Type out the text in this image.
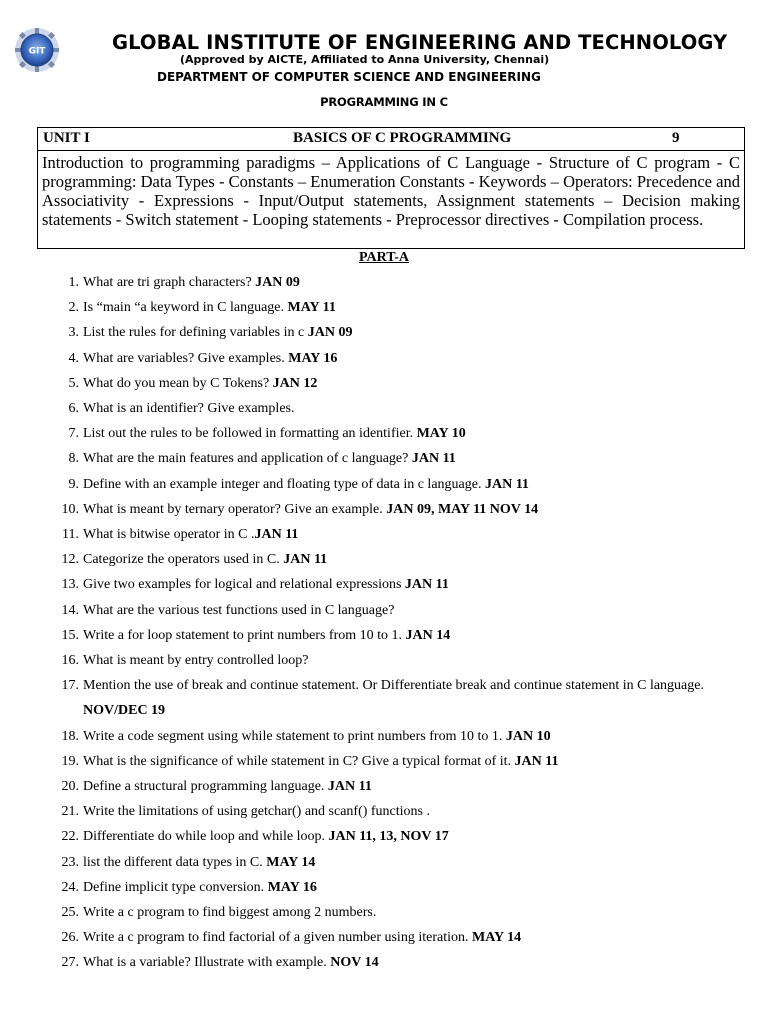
GIT	GLOBAL INSTITUTE OF ENGINEERING AND TECHNOLOGY
(Approved by AICTE, Affiliated to Anna University, Chennai)
DEPARTMENT OF COMPUTER SCIENCE AND ENGINEERING
PROGRAMMING IN C
UNIT I	BASICS OF C PROGRAMMING	9
Introduction to programming paradigms – Applications of C Language - Structure of C program - C programming: Data Types - Constants – Enumeration Constants - Keywords – Operators: Precedence and Associativity - Expressions - Input/Output statements, Assignment statements – Decision making statements - Switch statement - Looping statements - Preprocessor directives - Compilation process.
PART-A
1 . What are tri graph characters? JAN 09
2 . Is “main “a keyword in C language. MAY 11
3 . List the rules for defining variables in c JAN 09
4 . What are variables? Give examples. MAY 16
5 . What do you mean by C Tokens? JAN 12
6 . What is an identifier? Give examples.
7 . List out the rules to be followed in formatting an identifier. MAY 10
8 . What are the main features and application of c language? JAN 11
9 . Define with an example integer and floating type of data in c language. JAN 11
10 . What is meant by ternary operator? Give an example. JAN 09, MAY 11 NOV 14
11 . What is bitwise operator in C .JAN 11
12 . Categorize the operators used in C. JAN 11
13 . Give two examples for logical and relational expressions JAN 11
14 . What are the various test functions used in C language?
15 . Write a for loop statement to print numbers from 10 to 1. JAN 14
16 . What is meant by entry controlled loop?
17 . Mention the use of break and continue statement. Or Differentiate break and continue statement in C language. NOV/DEC 19
18 . Write a code segment using while statement to print numbers from 10 to 1. JAN 10
19 . What is the significance of while statement in C? Give a typical format of it. JAN 11
20 . Define a structural programming language. JAN 11
21 . Write the limitations of using getchar() and scanf() functions .
22 . Differentiate do while loop and while loop. JAN 11, 13, NOV 17
23 . list the different data types in C. MAY 14
24 . Define implicit type conversion. MAY 16
25 . Write a c program to find biggest among 2 numbers.
26 . Write a c program to find factorial of a given number using iteration. MAY 14
27 . What is a variable? Illustrate with example. NOV 14
